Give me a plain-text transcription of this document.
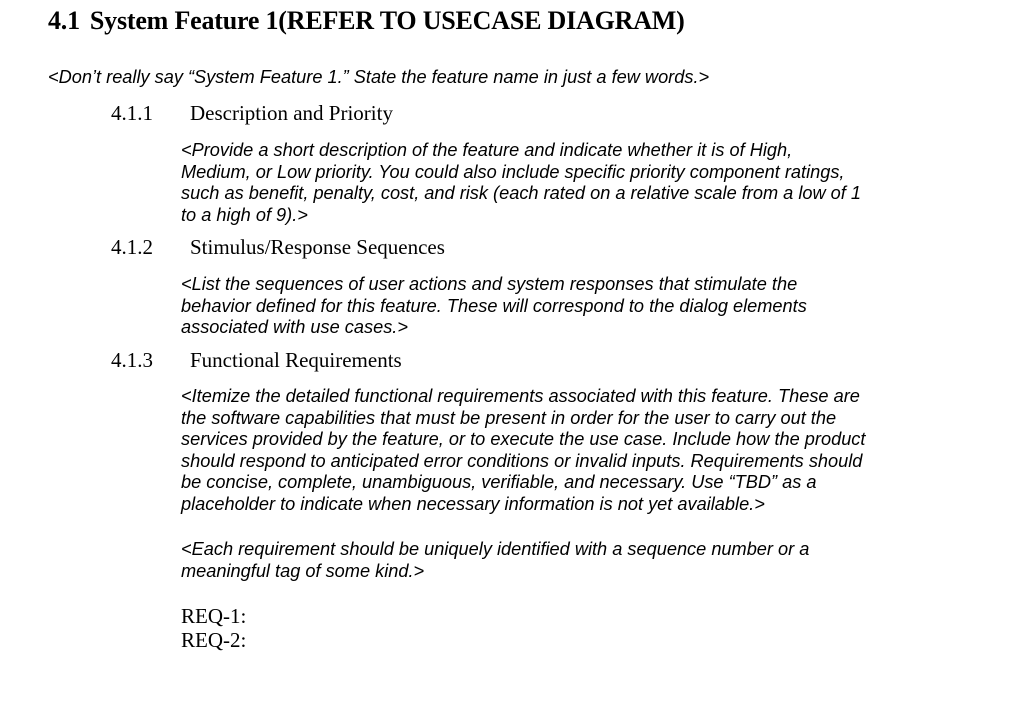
4.1 System Feature 1(REFER TO USECASE DIAGRAM)
<Don’t really say “System Feature 1.” State the feature name in just a few words.>
4.1.1 Description and Priority
<Provide a short description of the feature and indicate whether it is of High,
Medium, or Low priority. You could also include specific priority component ratings,
such as benefit, penalty, cost, and risk (each rated on a relative scale from a low of 1
to a high of 9).>
4.1.2 Stimulus/Response Sequences
<List the sequences of user actions and system responses that stimulate the
behavior defined for this feature. These will correspond to the dialog elements
associated with use cases.>
4.1.3 Functional Requirements
<Itemize the detailed functional requirements associated with this feature. These are
the software capabilities that must be present in order for the user to carry out the
services provided by the feature, or to execute the use case. Include how the product
should respond to anticipated error conditions or invalid inputs. Requirements should
be concise, complete, unambiguous, verifiable, and necessary. Use “TBD” as a
placeholder to indicate when necessary information is not yet available.>
<Each requirement should be uniquely identified with a sequence number or a
meaningful tag of some kind.>
REQ-1:
REQ-2:
